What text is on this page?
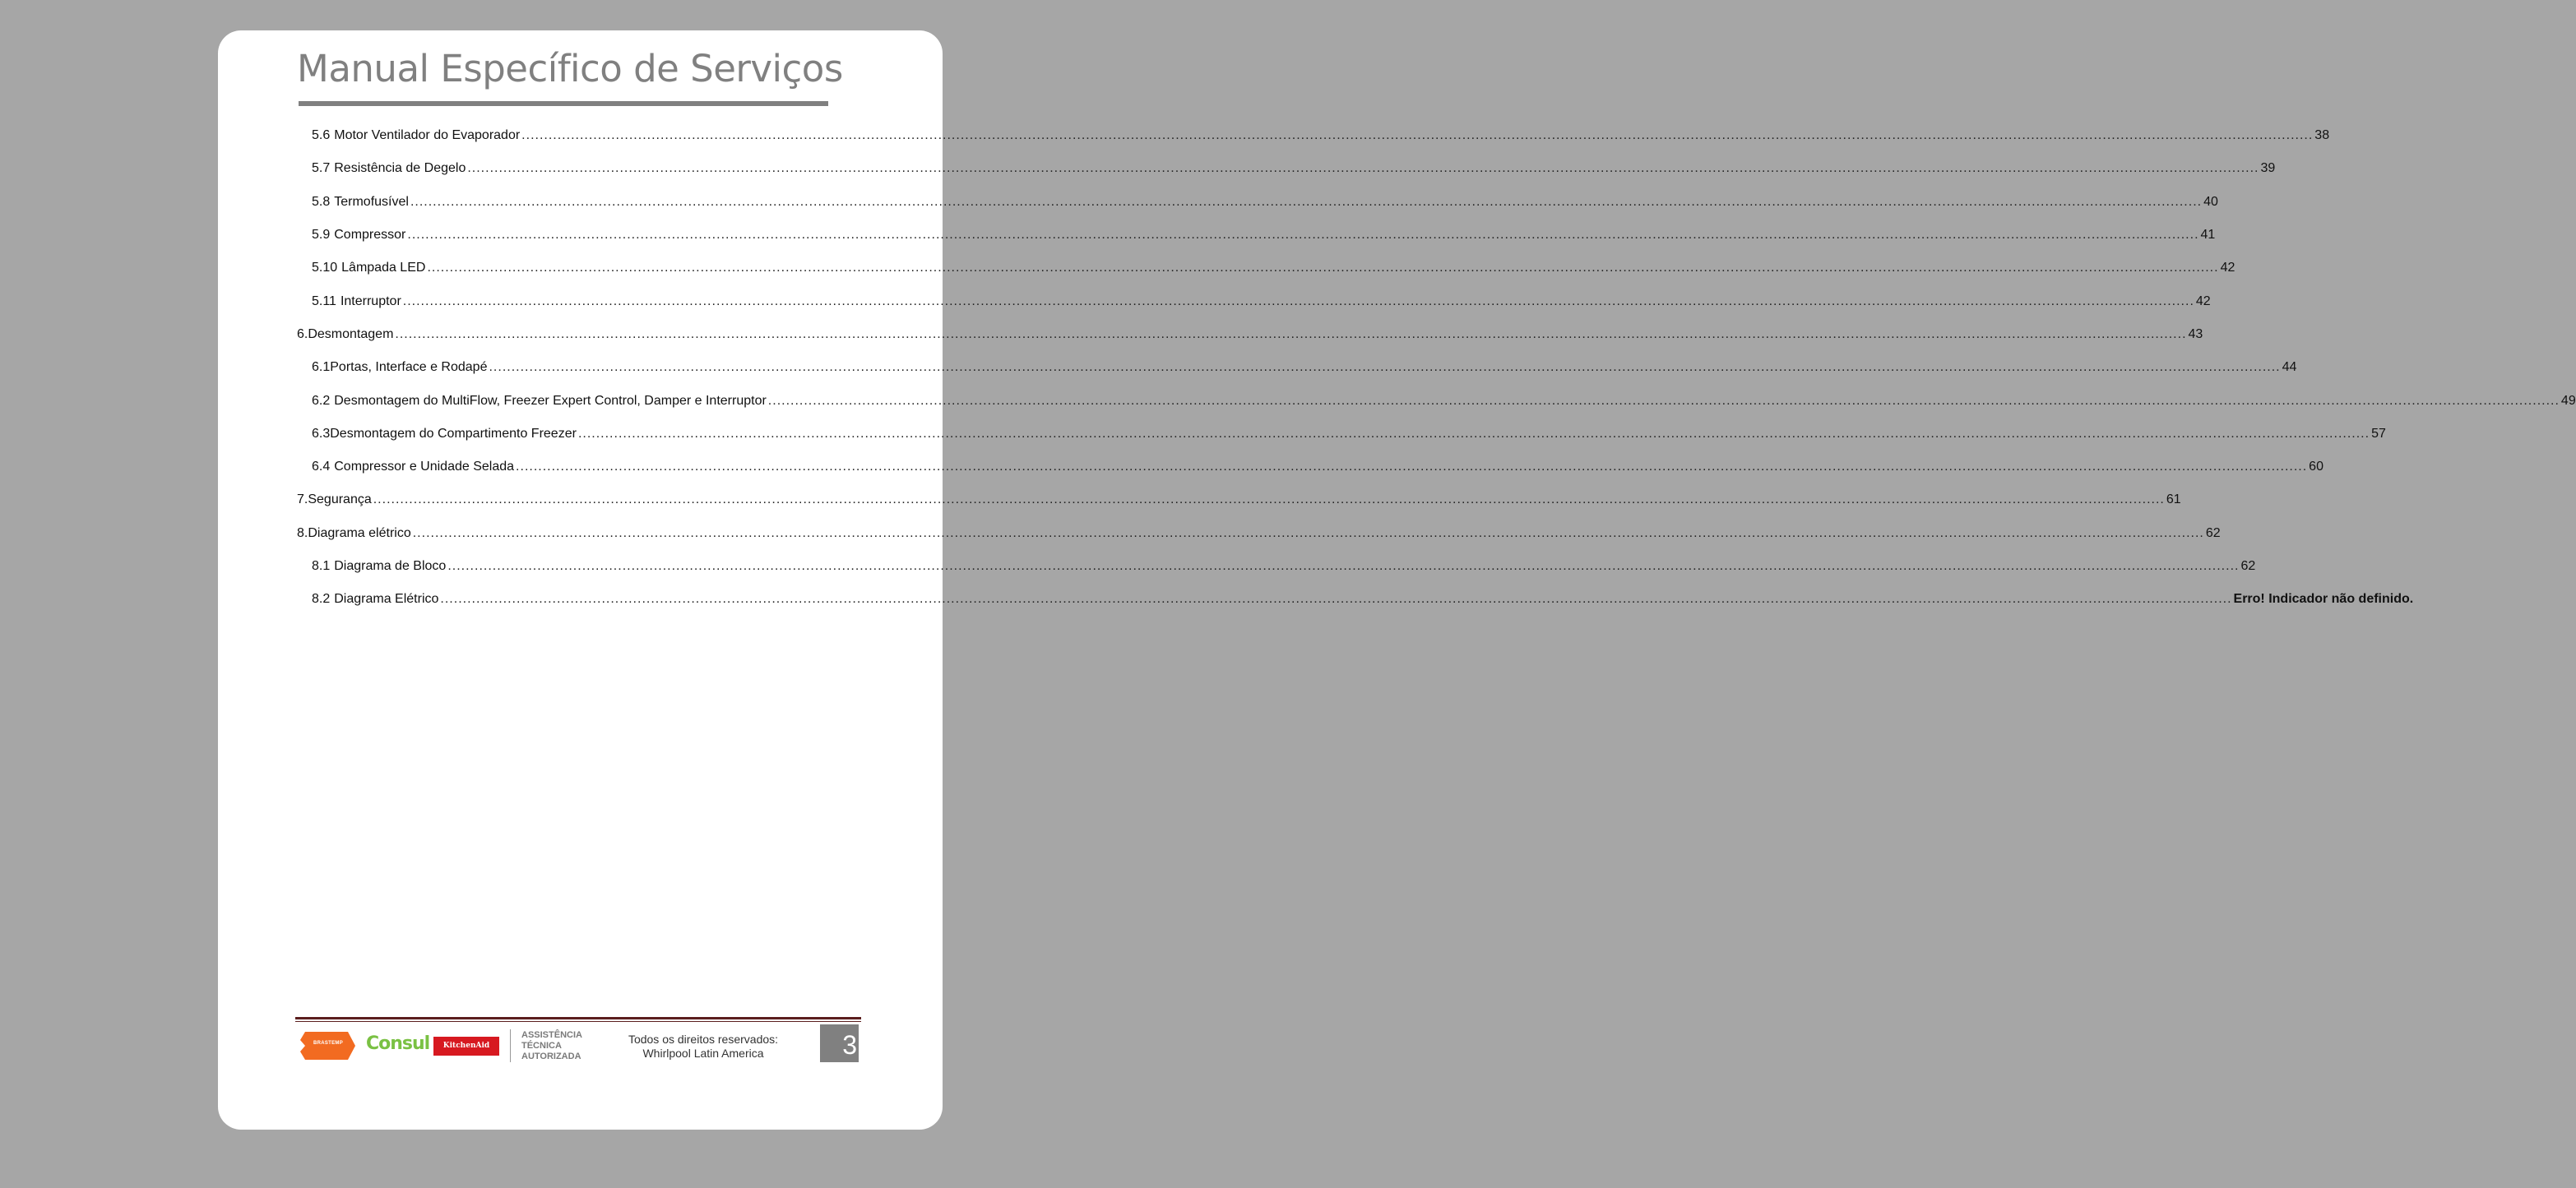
Manual Específico de Serviços
5.6 Motor Ventilador do Evaporador ................................................................................................................................................................................................................................................................................................................................................................................................................ 38
5.7 Resistência de Degelo ................................................................................................................................................................................................................................................................................................................................................................................................................ 39
5.8 Termofusível ................................................................................................................................................................................................................................................................................................................................................................................................................ 40
5.9 Compressor ................................................................................................................................................................................................................................................................................................................................................................................................................ 41
5.10 Lâmpada LED ................................................................................................................................................................................................................................................................................................................................................................................................................ 42
5.11 Interruptor ................................................................................................................................................................................................................................................................................................................................................................................................................ 42
6. Desmontagem ................................................................................................................................................................................................................................................................................................................................................................................................................ 43
6.1 Portas, Interface e Rodapé ................................................................................................................................................................................................................................................................................................................................................................................................................ 44
6.2 Desmontagem do MultiFlow, Freezer Expert Control, Damper e Interruptor ................................................................................................................................................................................................................................................................................................................................................................................................................ 49
6.3 Desmontagem do Compartimento Freezer ................................................................................................................................................................................................................................................................................................................................................................................................................ 57
6.4 Compressor e Unidade Selada ................................................................................................................................................................................................................................................................................................................................................................................................................ 60
7. Segurança ................................................................................................................................................................................................................................................................................................................................................................................................................ 61
8. Diagrama elétrico ................................................................................................................................................................................................................................................................................................................................................................................................................ 62
8.1 Diagrama de Bloco ................................................................................................................................................................................................................................................................................................................................................................................................................ 62
8.2 Diagrama Elétrico ................................................................................................................................................................................................................................................................................................................................................................................................................ Erro! Indicador não definido.
BRASTEMP	Consul	KitchenAid
ASSISTÊNCIA
TÉCNICA
AUTORIZADA
Todos os direitos reservados:
Whirlpool Latin America	3
